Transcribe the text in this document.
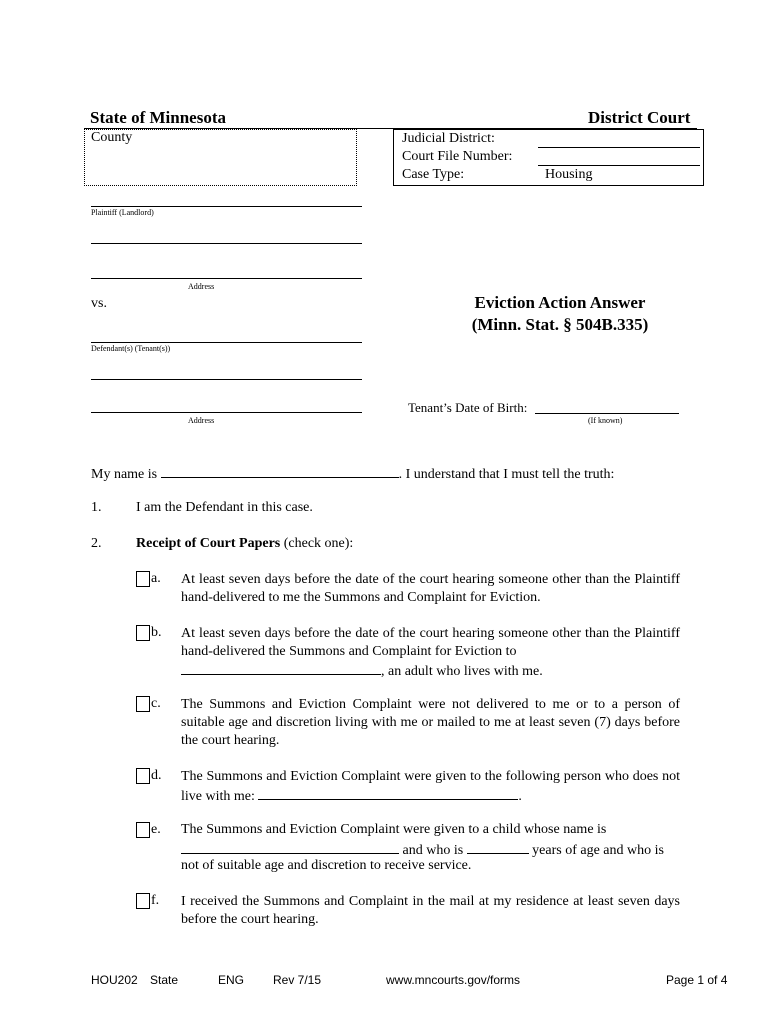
State of Minnesota	District Court
County	Judicial District:
Court File Number:
Case Type:	Housing
Plaintiff (Landlord)
Address
vs.
Defendant(s) (Tenant(s))
Address
Eviction Action Answer
(Minn. Stat. § 504B.335)
Tenant’s Date of Birth:
(If known)
My name is	. I understand that I must tell the truth:
1. I am the Defendant in this case.
2. Receipt of Court Papers (check one):
a. At least seven days before the date of the court hearing someone other than the Plaintiff hand-delivered to me the Summons and Complaint for Eviction.
b. At least seven days before the date of the court hearing someone other than the Plaintiff hand-delivered the Summons and Complaint for Eviction to
, an adult who lives with me.
c. The Summons and Eviction Complaint were not delivered to me or to a person of suitable age and discretion living with me or mailed to me at least seven (7) days before the court hearing.
d. The Summons and Eviction Complaint were given to the following person who does not live with me:	.
e. The Summons and Eviction Complaint were given to a child whose name is
and who is	years of age and who is
not of suitable age and discretion to receive service.
f. I received the Summons and Complaint in the mail at my residence at least seven days before the court hearing.
HOU202 State	ENG Rev 7/15	www.mncourts.gov/forms	Page 1 of 4
